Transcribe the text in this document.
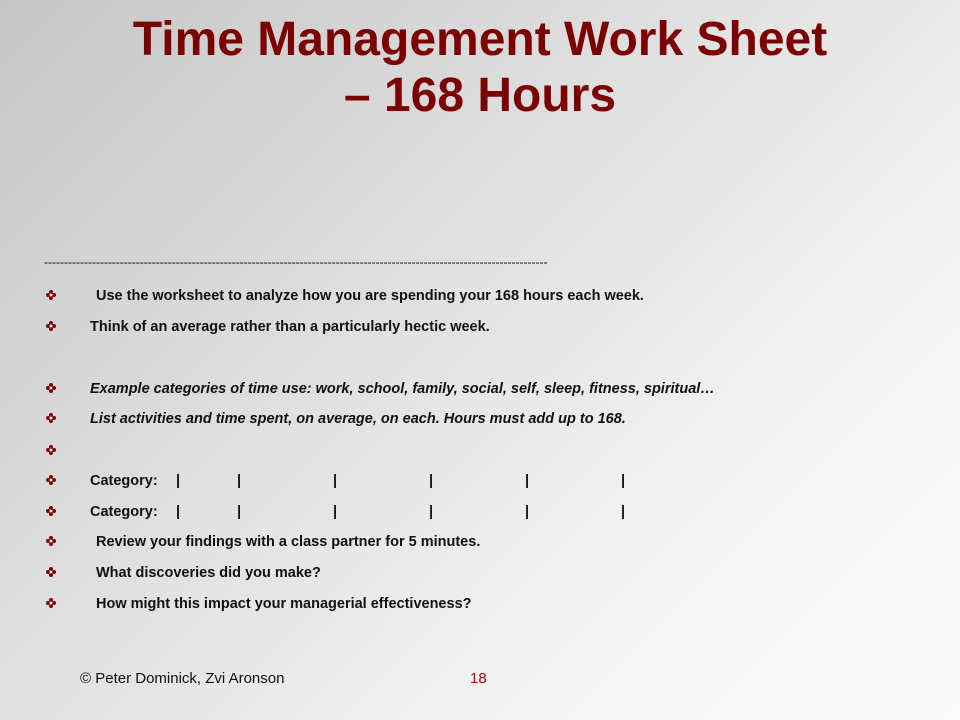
Time Management Work Sheet
– 168 Hours
------------------------------------------------------------------------------------------------------------------------------
Use the worksheet to analyze how you are spending your 168 hours each week.
Think of an average rather than a particularly hectic week.
Example categories of time use: work, school, family, social, self, sleep, fitness, spiritual…
List activities and time spent, on average, on each. Hours must add up to 168.
Category: |	|	|	|	|	|
Category: |	|	|	|	|	|
Review your findings with a class partner for 5 minutes.
What discoveries did you make?
How might this impact your managerial effectiveness?
© Peter Dominick, Zvi Aronson	18
